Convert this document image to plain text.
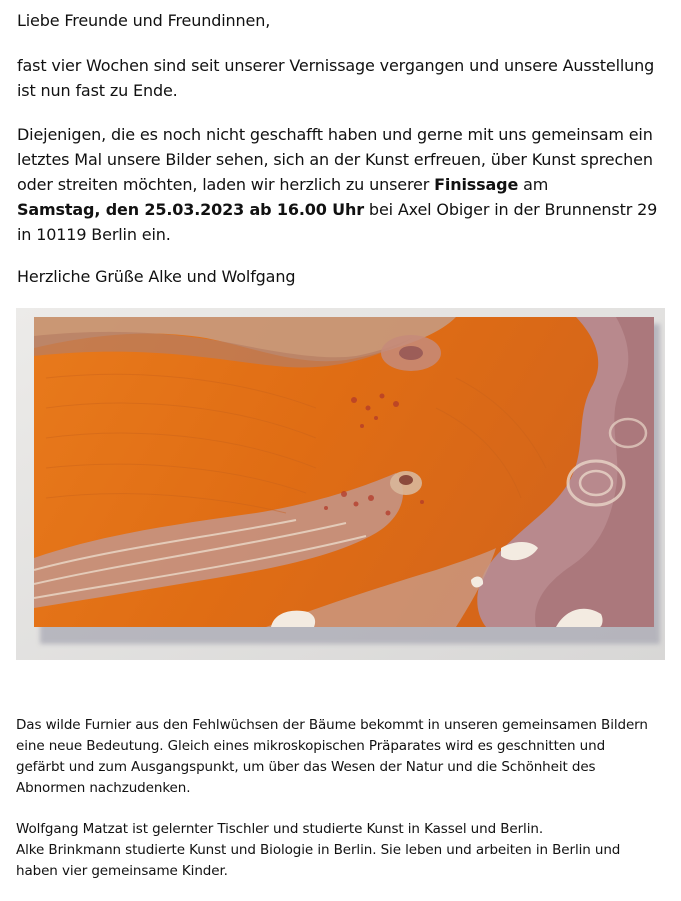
Liebe Freunde und Freundinnen,

fast vier Wochen sind seit unserer Vernissage vergangen und unsere Ausstellung ist nun fast zu Ende.

Diejenigen, die es noch nicht geschafft haben und gerne mit uns gemeinsam ein letztes Mal unsere Bilder sehen, sich an der Kunst erfreuen, über Kunst sprechen oder streiten möchten, laden wir herzlich zu unserer Finissage am
Samstag, den 25.03.2023 ab 16.00 Uhr bei Axel Obiger in der Brunnenstr 29 in 10119 Berlin ein.

Herzliche Grüße Alke und Wolfgang

Das wilde Furnier aus den Fehlwüchsen der Bäume bekommt in unseren gemeinsamen Bildern eine neue Bedeutung. Gleich eines mikroskopischen Präparates wird es geschnitten und gefärbt und zum Ausgangspunkt, um über das Wesen der Natur und die Schönheit des Abnormen nachzudenken.

Wolfgang Matzat ist gelernter Tischler und studierte Kunst in Kassel und Berlin.
Alke Brinkmann studierte Kunst und Biologie in Berlin. Sie leben und arbeiten in Berlin und haben vier gemeinsame Kinder.
